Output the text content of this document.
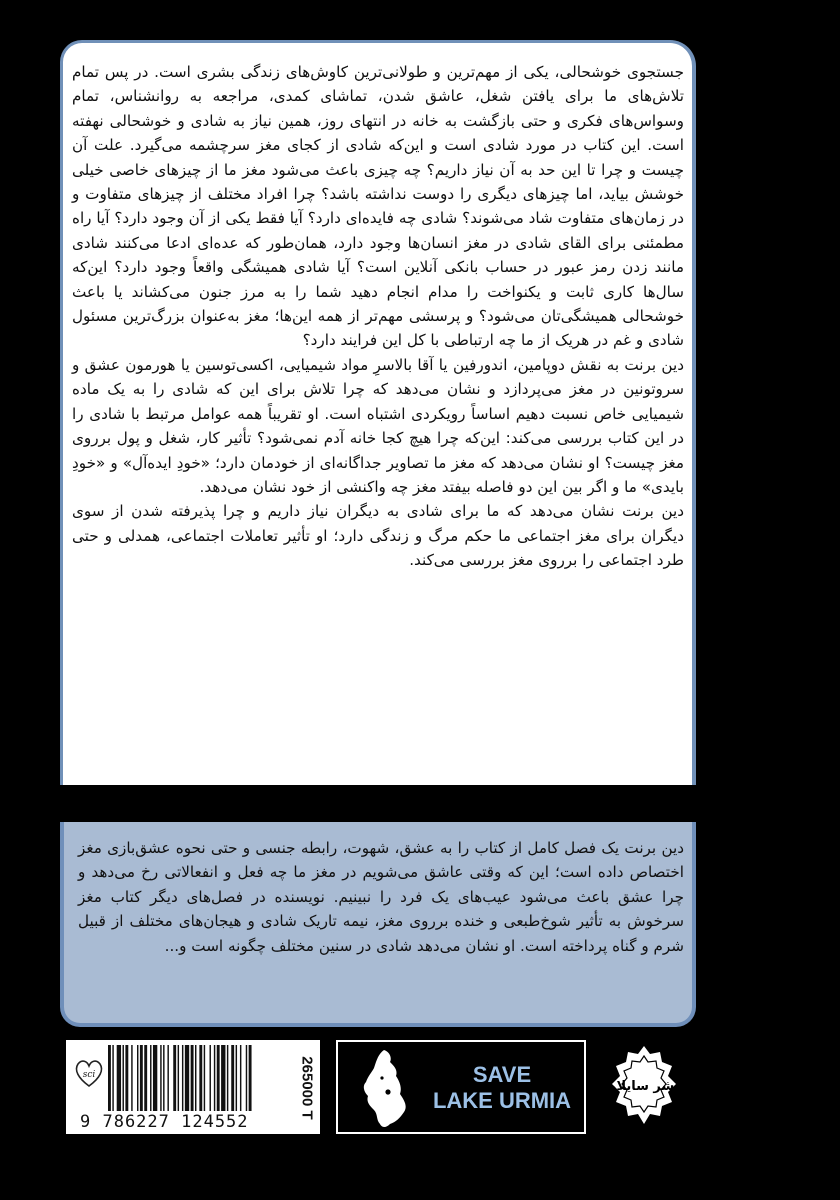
جستجوی خوشحالی، یکی از مهم‌ترین و طولانی‌ترین کاوش‌های زندگی بشری است. در پس تمام تلاش‌های ما برای یافتن شغل، عاشق شدن، تماشای کمدی، مراجعه به روانشناس، تمام وسواس‌های فکری و حتی بازگشت به خانه در انتهای روز، همین نیاز به شادی و خوشحالی نهفته است. این کتاب در مورد شادی است و این‌که شادی از کجای مغز سرچشمه می‌گیرد. علت آن چیست و چرا تا این حد به آن نیاز داریم؟ چه چیزی باعث می‌شود مغز ما از چیزهای خاصی خیلی خوشش بیاید، اما چیزهای دیگری را دوست نداشته باشد؟ چرا افراد مختلف از چیزهای متفاوت و در زمان‌های متفاوت شاد می‌شوند؟ شادی چه فایده‌ای دارد؟ آیا فقط یکی از آن وجود دارد؟ آیا راه مطمئنی برای القای شادی در مغز انسان‌ها وجود دارد، همان‌طور که عده‌ای ادعا می‌کنند شادی مانند زدن رمز عبور در حساب بانکی آنلاین است؟ آیا شادی همیشگی واقعاً وجود دارد؟ این‌که سال‌ها کاری ثابت و یکنواخت را مدام انجام دهید شما را به مرز جنون می‌کشاند یا باعث خوشحالی همیشگی‌تان می‌شود؟ و پرسشی مهم‌تر از همه این‌ها؛ مغز به‌عنوان بزرگ‌ترین مسئول شادی و غم در هریک از ما چه ارتباطی با کل این فرایند دارد؟

دین برنت به نقش دوپامین، اندورفین یا آقا بالاسرِ مواد شیمیایی، اکسی‌توسین یا هورمون عشق و سروتونین در مغز می‌پردازد و نشان می‌دهد که چرا تلاش برای این که شادی را به یک ماده شیمیایی خاص نسبت دهیم اساساً رویکردی اشتباه است. او تقریباً همه عوامل مرتبط با شادی را در این کتاب بررسی می‌کند: این‌که چرا هیچ کجا خانه آدم نمی‌شود؟ تأثیر کار، شغل و پول برروی مغز چیست؟ او نشان می‌دهد که مغز ما تصاویر جداگانه‌ای از خودمان دارد؛ «خودِ ایده‌آل» و «خودِ بایدی» ما و اگر بین این دو فاصله بیفتد مغز چه واکنشی از خود نشان می‌دهد.

دین برنت نشان می‌دهد که ما برای شادی به دیگران نیاز داریم و چرا پذیرفته شدن از سوی دیگران برای مغز اجتماعی ما حکم مرگ و زندگی دارد؛ او تأثیر تعاملات اجتماعی، همدلی و حتی طرد اجتماعی را برروی مغز بررسی می‌کند.

دین برنت یک فصل کامل از کتاب را به عشق، شهوت، رابطه جنسی و حتی نحوه عشق‌بازی مغز اختصاص داده است؛ این که وقتی عاشق می‌شویم در مغز ما چه فعل و انفعالاتی رخ می‌دهد و چرا عشق باعث می‌شود عیب‌های یک فرد را نبینیم. نویسنده در فصل‌های دیگر کتاب مغز سرخوش به تأثیر شوخ‌طبعی و خنده برروی مغز، نیمه تاریک شادی و هیجان‌های مختلف از قبیل شرم و گناه پرداخته است. او نشان می‌دهد شادی در سنین مختلف چگونه است و...
sci
9 786227 124552
265000 T	SAVE
LAKE URMIA
نشر سایلاو
